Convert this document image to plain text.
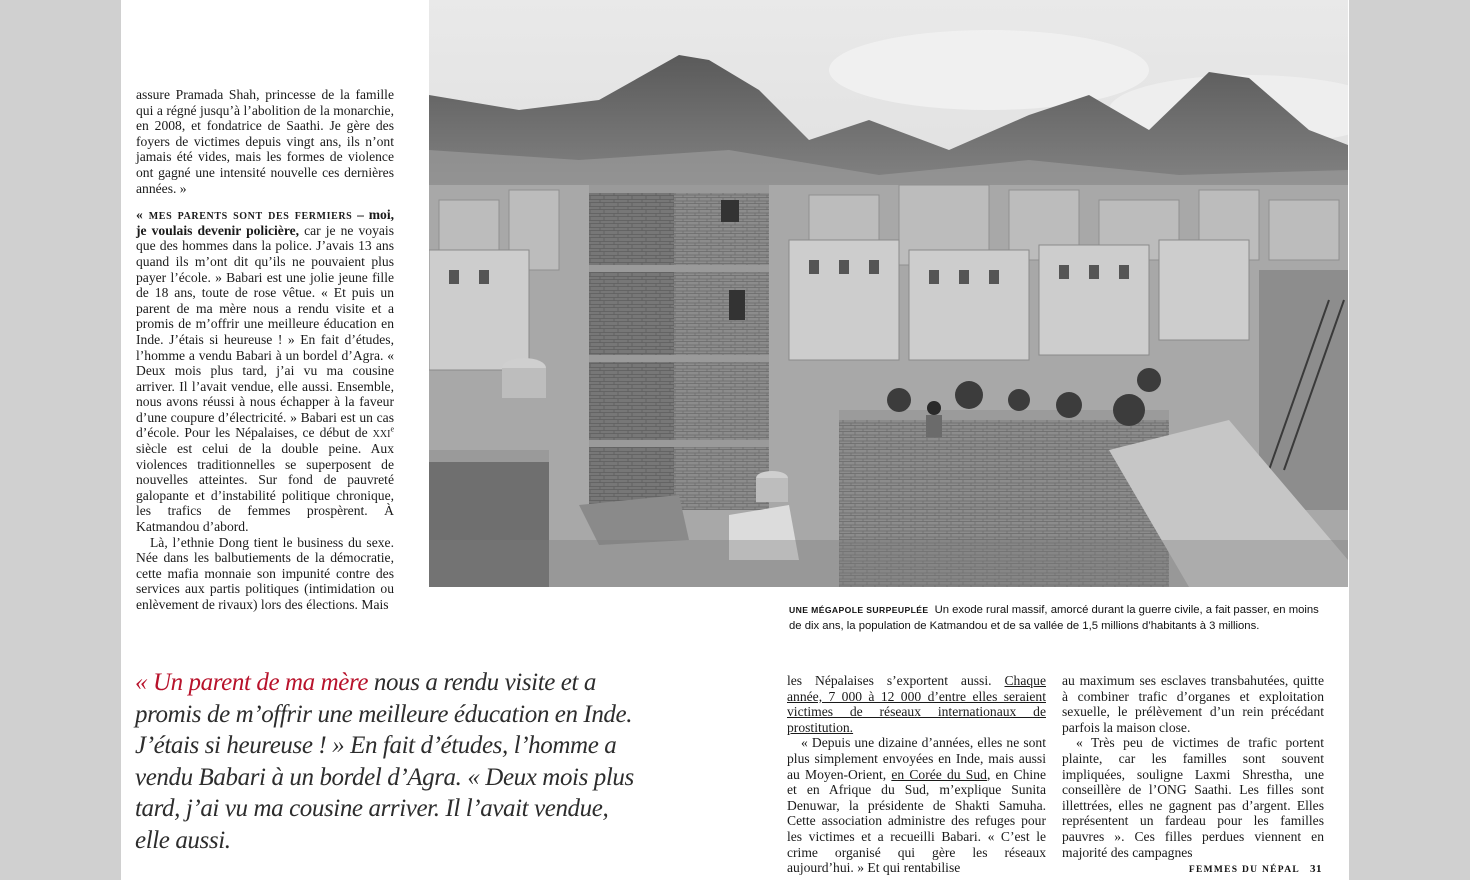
assure Pramada Shah, princesse de la famille qui a régné jusqu’à l’abolition de la monarchie, en 2008, et fondatrice de Saathi. Je gère des foyers de victimes depuis vingt ans, ils n’ont jamais été vides, mais les formes de violence ont gagné une intensité nouvelle ces dernières années. »

« mes parents sont des fermiers – moi, je voulais devenir policière, car je ne voyais que des hommes dans la police. J’avais 13 ans quand ils m’ont dit qu’ils ne pouvaient plus payer l’école. » Babari est une jolie jeune fille de 18 ans, toute de rose vêtue. « Et puis un parent de ma mère nous a rendu visite et a promis de m’offrir une meilleure éducation en Inde. J’étais si heureuse ! » En fait d’études, l’homme a vendu Babari à un bordel d’Agra. « Deux mois plus tard, j’ai vu ma cousine arriver. Il l’avait vendue, elle aussi. Ensemble, nous avons réussi à nous échapper à la faveur d’une coupure d’électricité. » Babari est un cas d’école. Pour les Népalaises, ce début de xxi$^e$ siècle est celui de la double peine. Aux violences traditionnelles se superposent de nouvelles atteintes. Sur fond de pauvreté galopante et d’instabilité politique chronique, les trafics de femmes prospèrent. À Katmandou d’abord.

Là, l’ethnie Dong tient le business du sexe. Née dans les balbutiements de la démocratie, cette mafia monnaie son impunité contre des services aux partis politiques (intimidation ou enlèvement de rivaux) lors des élections. Mais	UNE MÉGAPOLE SURPEUPLÉE Un exode rural massif, amorcé durant la guerre civile, a fait passer, en moins de dix ans, la population de Katmandou et de sa vallée de 1,5 millions d’habitants à 3 millions.
« Un parent de ma mère nous a rendu visite et a promis de m’offrir une meilleure éducation en Inde. J’étais si heureuse ! » En fait d’études, l’homme a vendu Babari à un bordel d’Agra. « Deux mois plus tard, j’ai vu ma cousine arriver. Il l’avait vendue, elle aussi.

les Népalaises s’exportent aussi. Chaque année, 7 000 à 12 000 d’entre elles seraient victimes de réseaux internationaux de prostitution.

« Depuis une dizaine d’années, elles ne sont plus simplement envoyées en Inde, mais aussi au Moyen-Orient, en Corée du Sud, en Chine et en Afrique du Sud, m’explique Sunita Denuwar, la présidente de Shakti Samuha. Cette association administre des refuges pour les victimes et a recueilli Babari. « C’est le crime organisé qui gère les réseaux aujourd’hui. » Et qui rentabilise

au maximum ses esclaves transbahutées, quitte à combiner trafic d’organes et exploitation sexuelle, le prélèvement d’un rein précédant parfois la maison close.

« Très peu de victimes de trafic portent plainte, car les familles sont souvent impliquées, souligne Laxmi Shrestha, une conseillère de l’ONG Saathi. Les filles sont illettrées, elles ne gagnent pas d’argent. Elles représentent un fardeau pour les familles pauvres ». Ces filles perdues viennent en majorité des campagnes

FEMMES DU NÉPAL 31
